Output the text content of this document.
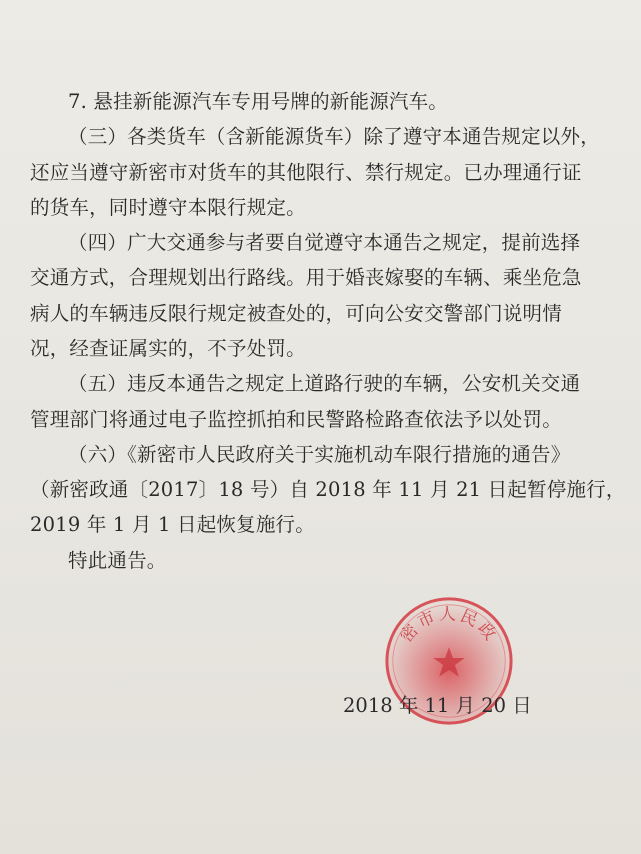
7. 悬挂新能源汽车专用号牌的新能源汽车。
（三）各类货车（含新能源货车）除了遵守本通告规定以外，
还应当遵守新密市对货车的其他限行、禁行规定。已办理通行证
的货车，同时遵守本限行规定。
（四）广大交通参与者要自觉遵守本通告之规定，提前选择
交通方式，合理规划出行路线。用于婚丧嫁娶的车辆、乘坐危急
病人的车辆违反限行规定被查处的，可向公安交警部门说明情
况，经查证属实的，不予处罚。
（五）违反本通告之规定上道路行驶的车辆，公安机关交通
管理部门将通过电子监控抓拍和民警路检路查依法予以处罚。
（六）《新密市人民政府关于实施机动车限行措施的通告》
（新密政通〔2017〕18 号）自 2018 年 11 月 21 日起暂停施行，
2019 年 1 月 1 日起恢复施行。
特此通告。
密市人民政
2018 年 11 月 20 日
